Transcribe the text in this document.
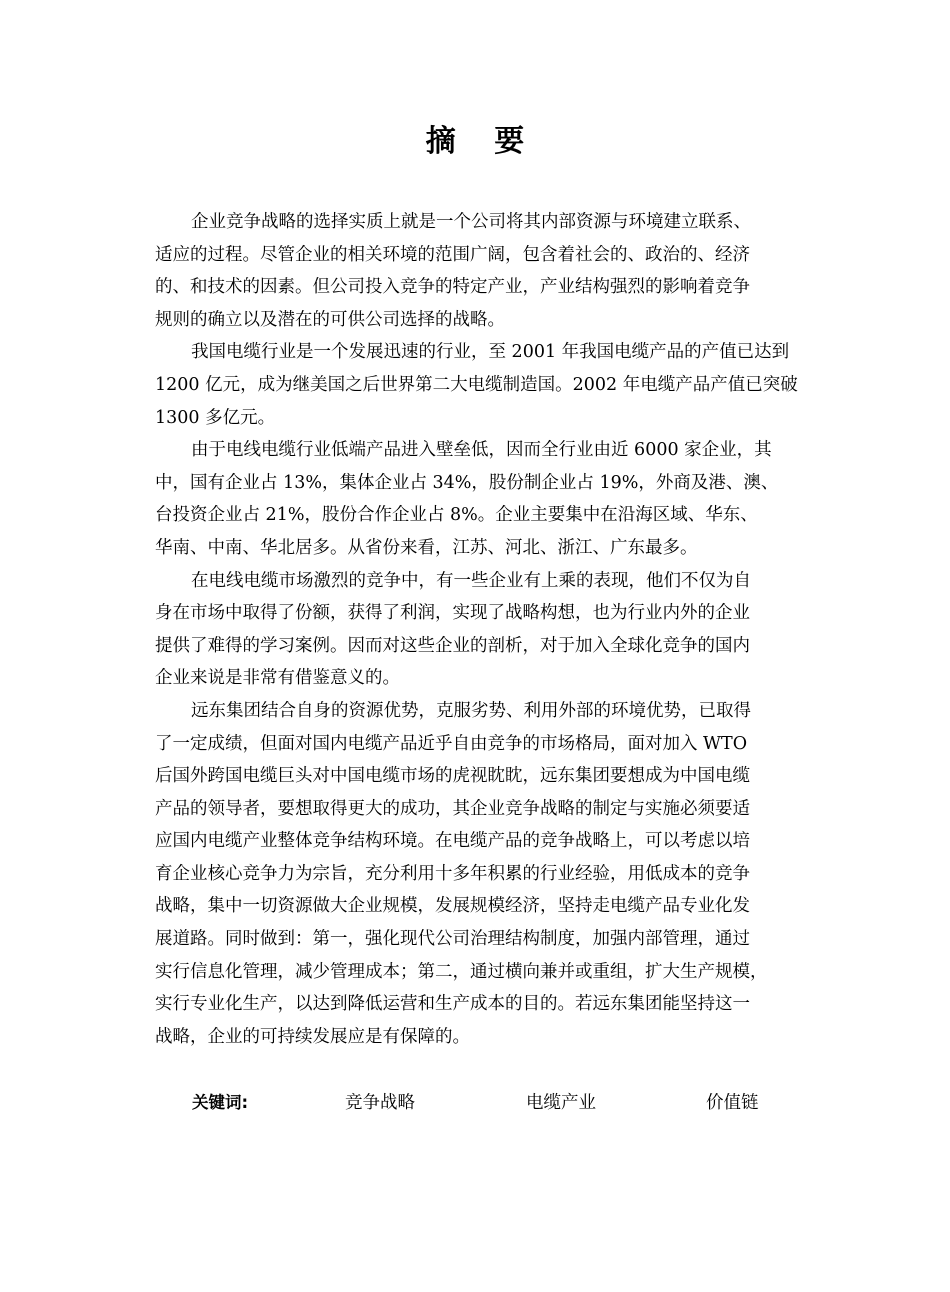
摘 要
企业竞争战略的选择实质上就是一个公司将其内部资源与环境建立联系、
适应的过程。尽管企业的相关环境的范围广阔，包含着社会的、政治的、经济
的、和技术的因素。但公司投入竞争的特定产业，产业结构强烈的影响着竞争
规则的确立以及潜在的可供公司选择的战略。
我国电缆行业是一个发展迅速的行业，至 2001 年我国电缆产品的产值已达到
1200 亿元，成为继美国之后世界第二大电缆制造国。2002 年电缆产品产值已突破
1300 多亿元。
由于电线电缆行业低端产品进入壁垒低，因而全行业由近 6000 家企业，其
中，国有企业占 13%，集体企业占 34%，股份制企业占 19%，外商及港、澳、
台投资企业占 21%，股份合作企业占 8%。企业主要集中在沿海区域、华东、
华南、中南、华北居多。从省份来看，江苏、河北、浙江、广东最多。
在电线电缆市场激烈的竞争中，有一些企业有上乘的表现，他们不仅为自
身在市场中取得了份额，获得了利润，实现了战略构想，也为行业内外的企业
提供了难得的学习案例。因而对这些企业的剖析，对于加入全球化竞争的国内
企业来说是非常有借鉴意义的。
远东集团结合自身的资源优势，克服劣势、利用外部的环境优势，已取得
了一定成绩，但面对国内电缆产品近乎自由竞争的市场格局，面对加入 WTO
后国外跨国电缆巨头对中国电缆市场的虎视眈眈，远东集团要想成为中国电缆
产品的领导者，要想取得更大的成功，其企业竞争战略的制定与实施必须要适
应国内电缆产业整体竞争结构环境。在电缆产品的竞争战略上，可以考虑以培
育企业核心竞争力为宗旨，充分利用十多年积累的行业经验，用低成本的竞争
战略，集中一切资源做大企业规模，发展规模经济，坚持走电缆产品专业化发
展道路。同时做到：第一，强化现代公司治理结构制度，加强内部管理，通过
实行信息化管理，减少管理成本；第二，通过横向兼并或重组，扩大生产规模，
实行专业化生产，以达到降低运营和生产成本的目的。若远东集团能坚持这一
战略，企业的可持续发展应是有保障的。
关键词:	竞争战略	电缆产业	价值链
